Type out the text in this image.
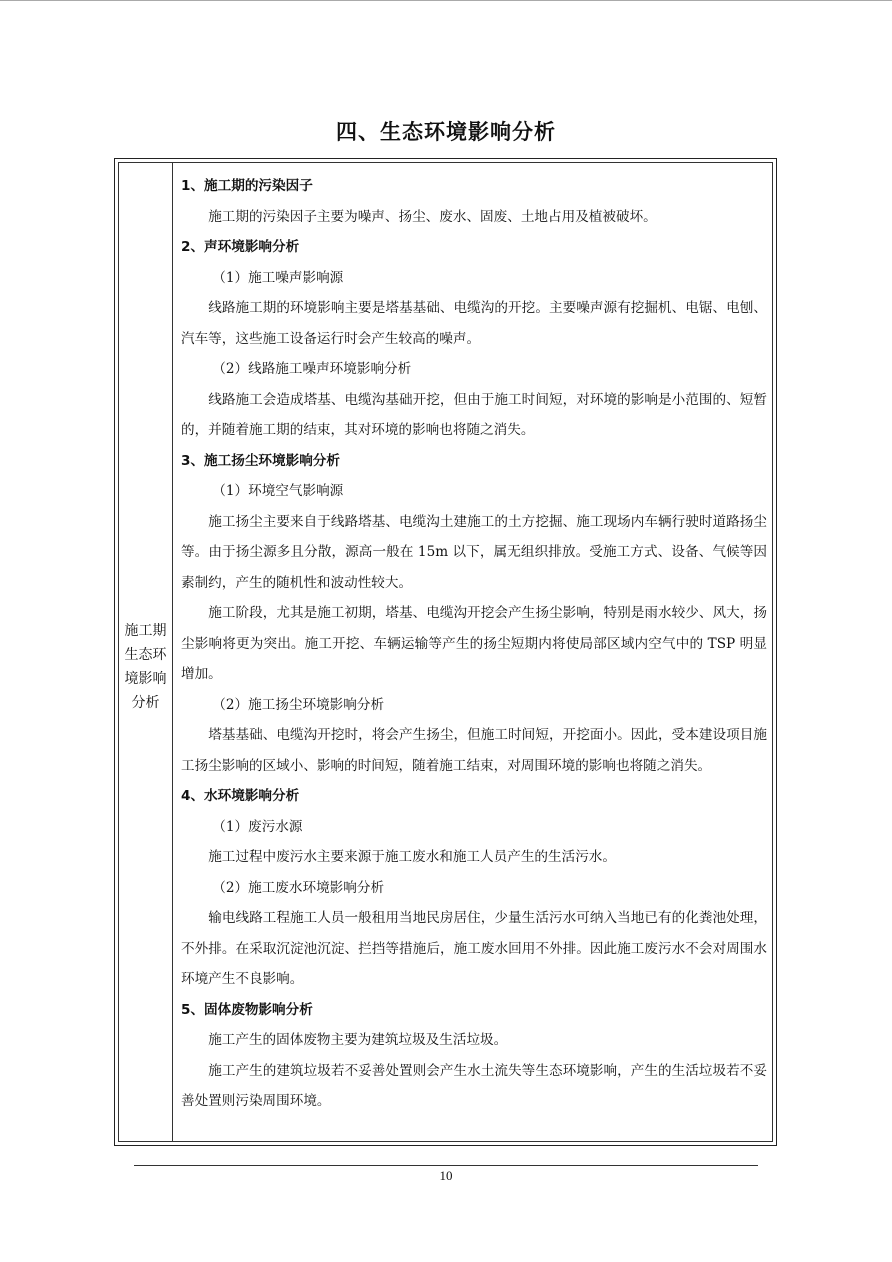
四、生态环境影响分析
施工期生态环境影响分析

1、施工期的污染因子

施工期的污染因子主要为噪声、扬尘、废水、固废、土地占用及植被破坏。

2、声环境影响分析

（1）施工噪声影响源

线路施工期的环境影响主要是塔基基础、电缆沟的开挖。主要噪声源有挖掘机、电锯、电刨、汽车等，这些施工设备运行时会产生较高的噪声。

（2）线路施工噪声环境影响分析

线路施工会造成塔基、电缆沟基础开挖，但由于施工时间短，对环境的影响是小范围的、短暂的，并随着施工期的结束，其对环境的影响也将随之消失。

3、施工扬尘环境影响分析

（1）环境空气影响源

施工扬尘主要来自于线路塔基、电缆沟土建施工的土方挖掘、施工现场内车辆行驶时道路扬尘等。由于扬尘源多且分散，源高一般在 15m 以下，属无组织排放。受施工方式、设备、气候等因素制约，产生的随机性和波动性较大。

施工阶段，尤其是施工初期，塔基、电缆沟开挖会产生扬尘影响，特别是雨水较少、风大，扬尘影响将更为突出。施工开挖、车辆运输等产生的扬尘短期内将使局部区域内空气中的 TSP 明显增加。

（2）施工扬尘环境影响分析

塔基基础、电缆沟开挖时，将会产生扬尘，但施工时间短，开挖面小。因此，受本建设项目施工扬尘影响的区域小、影响的时间短，随着施工结束，对周围环境的影响也将随之消失。

4、水环境影响分析

（1）废污水源

施工过程中废污水主要来源于施工废水和施工人员产生的生活污水。

（2）施工废水环境影响分析

输电线路工程施工人员一般租用当地民房居住，少量生活污水可纳入当地已有的化粪池处理，不外排。在采取沉淀池沉淀、拦挡等措施后，施工废水回用不外排。因此施工废污水不会对周围水环境产生不良影响。

5、固体废物影响分析

施工产生的固体废物主要为建筑垃圾及生活垃圾。

施工产生的建筑垃圾若不妥善处置则会产生水土流失等生态环境影响，产生的生活垃圾若不妥善处置则污染周围环境。

10
